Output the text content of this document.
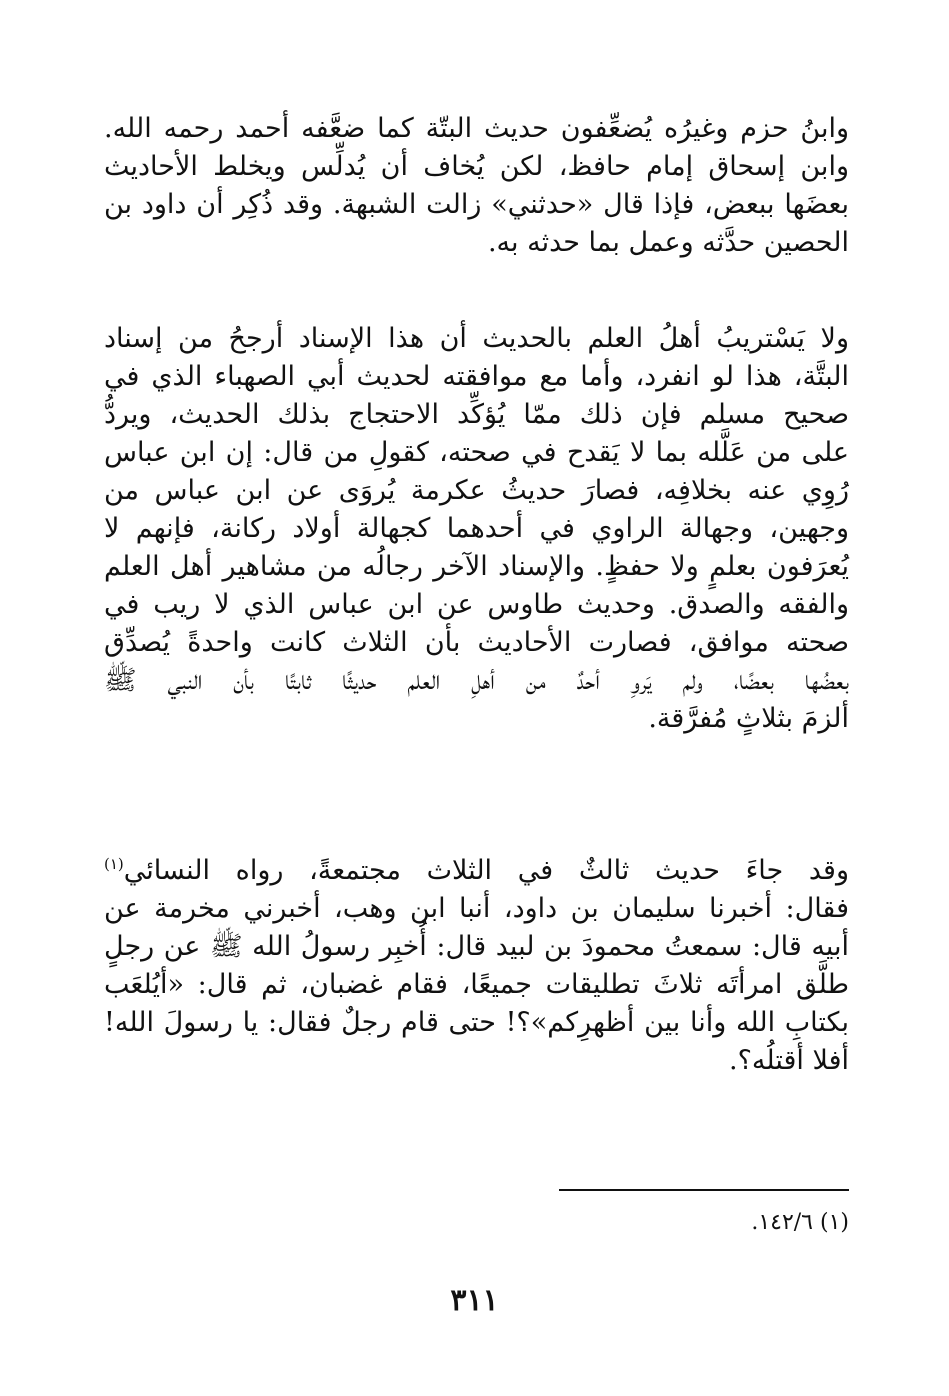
وابنُ حزم وغيرُه يُضعِّفون حديث البتّة كما ضعَّفه أحمد رحمه الله.
وابن إسحاق إمام حافظ، لكن يُخاف أن يُدلِّس ويخلط الأحاديث
بعضَها ببعض، فإذا قال «حدثني» زالت الشبهة. وقد ذُكِر أن داود بن
الحصين حدَّثه وعمل بما حدثه به.
ولا يَسْتريبُ أهلُ العلم بالحديث أن هذا الإسناد أرجحُ من إسناد
البتَّة، هذا لو انفرد، وأما مع موافقته لحديث أبي الصهباء الذي في
صحيح مسلم فإن ذلك ممّا يُؤكِّد الاحتجاج بذلك الحديث، ويردُّ
على من عَلَّله بما لا يَقدح في صحته، كقولِ من قال: إن ابن عباس
رُوِي عنه بخلافِه، فصارَ حديثُ عكرمة يُروَى عن ابن عباس من
وجهين، وجهالة الراوي في أحدهما كجهالة أولاد ركانة، فإنهم لا
يُعرَفون بعلمٍ ولا حفظٍ. والإسناد الآخر رجالُه من مشاهير أهل العلم
والفقه والصدق. وحديث طاوس عن ابن عباس الذي لا ريب في
صحته موافق، فصارت الأحاديث بأن الثلاث كانت واحدةً يُصدِّق
بعضُها بعضًا، ولم يَروِ أحدٌ من أهلِ العلم حديثًا ثابتًا بأن النبي ﷺ
ألزمَ بثلاثٍ مُفرَّقة.
وقد جاءَ حديث ثالثٌ في الثلاث مجتمعةً، رواه النسائي$^{(١)}$
فقال: أخبرنا سليمان بن داود، أنبا ابن وهب، أخبرني مخرمة عن
أبيه قال: سمعتُ محمودَ بن لبيد قال: أُخبِر رسولُ الله ﷺ عن رجلٍ
طلَّق امرأتَه ثلاثَ تطليقات جميعًا، فقام غضبان، ثم قال: «أيُلعَب
بكتابِ الله وأنا بين أظهرِكم»؟! حتى قام رجلٌ فقال: يا رسولَ الله!
أفلا أقتلُه؟.
(١) ١٤٢/٦.
٣١١
